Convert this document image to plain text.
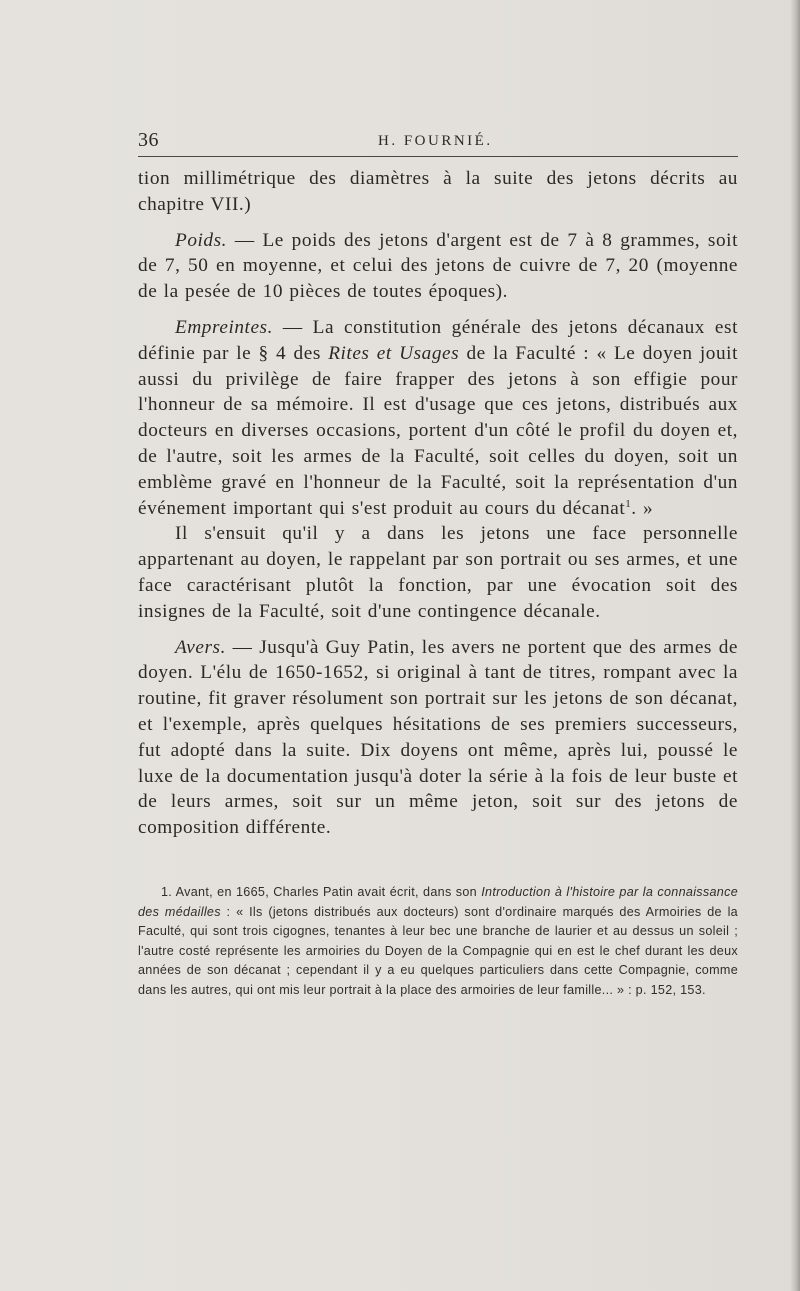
36	H. FOURNIÉ.

tion millimétrique des diamètres à la suite des jetons décrits au chapitre VII.)

Poids. — Le poids des jetons d'argent est de 7 à 8 grammes, soit de 7, 50 en moyenne, et celui des jetons de cuivre de 7, 20 (moyenne de la pesée de 10 pièces de toutes époques).

Empreintes. — La constitution générale des jetons décanaux est définie par le § 4 des Rites et Usages de la Faculté : « Le doyen jouit aussi du privilège de faire frapper des jetons à son effigie pour l'honneur de sa mémoire. Il est d'usage que ces jetons, distribués aux docteurs en diverses occasions, portent d'un côté le profil du doyen et, de l'autre, soit les armes de la Faculté, soit celles du doyen, soit un emblème gravé en l'honneur de la Faculté, soit la représentation d'un événement important qui s'est produit au cours du décanat$^1$. »

Il s'ensuit qu'il y a dans les jetons une face personnelle appartenant au doyen, le rappelant par son portrait ou ses armes, et une face caractérisant plutôt la fonction, par une évocation soit des insignes de la Faculté, soit d'une contingence décanale.

Avers. — Jusqu'à Guy Patin, les avers ne portent que des armes de doyen. L'élu de 1650-1652, si original à tant de titres, rompant avec la routine, fit graver résolument son portrait sur les jetons de son décanat, et l'exemple, après quelques hésitations de ses premiers successeurs, fut adopté dans la suite. Dix doyens ont même, après lui, poussé le luxe de la documentation jusqu'à doter la série à la fois de leur buste et de leurs armes, soit sur un même jeton, soit sur des jetons de composition différente.

1. Avant, en 1665, Charles Patin avait écrit, dans son Introduction à l'histoire par la connaissance des médailles : « Ils (jetons distribués aux docteurs) sont d'ordinaire marqués des Armoiries de la Faculté, qui sont trois cigognes, tenantes à leur bec une branche de laurier et au dessus un soleil ; l'autre costé représente les armoiries du Doyen de la Compagnie qui en est le chef durant les deux années de son décanat ; cependant il y a eu quelques particuliers dans cette Compagnie, comme dans les autres, qui ont mis leur portrait à la place des armoiries de leur famille... » : p. 152, 153.
